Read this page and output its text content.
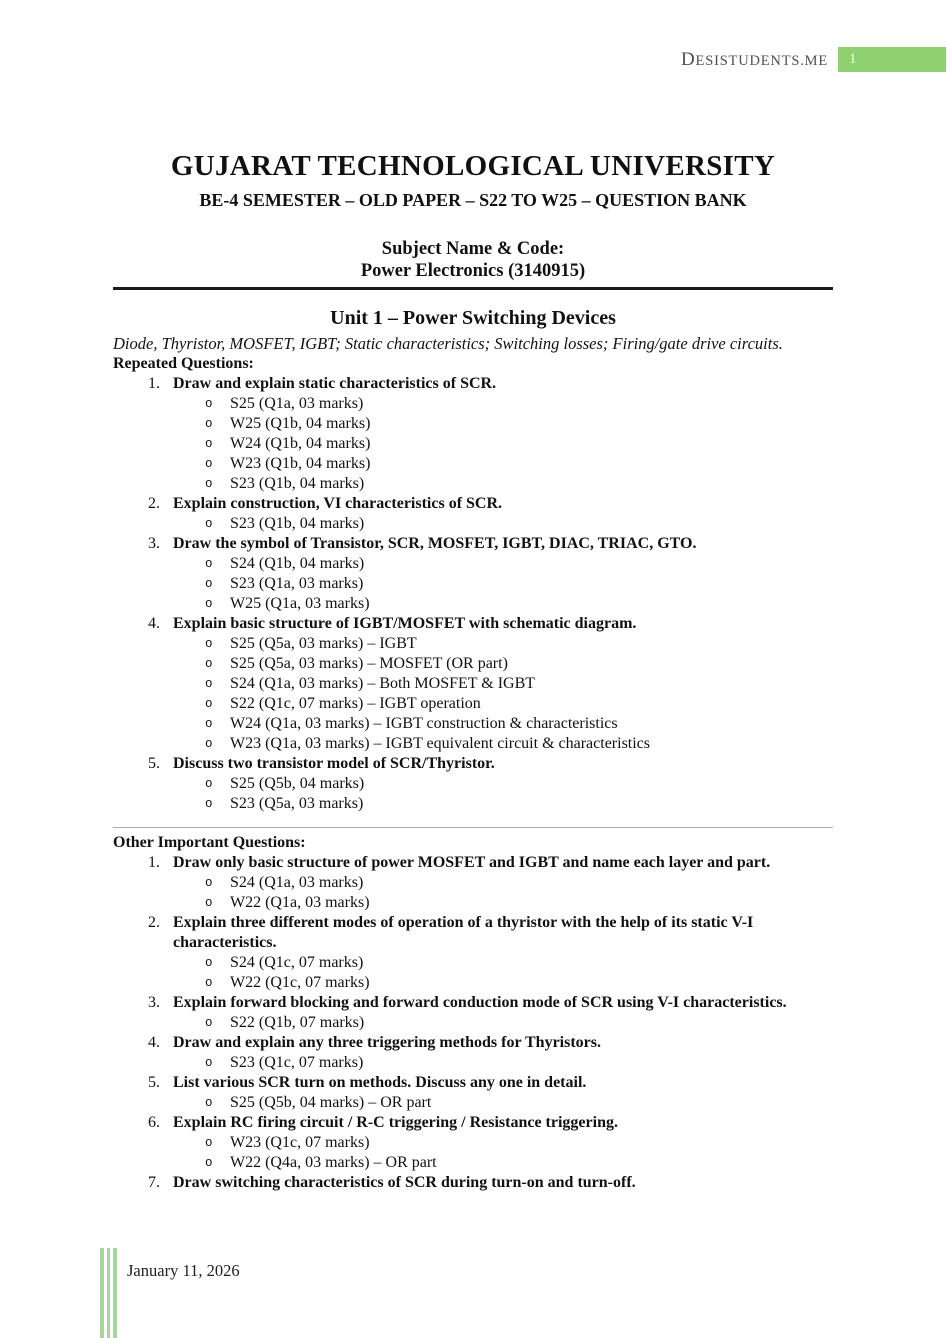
DESISTUDENTS.ME 1
GUJARAT TECHNOLOGICAL UNIVERSITY
BE-4 SEMESTER – OLD PAPER – S22 TO W25 – QUESTION BANK
Subject Name & Code:
Power Electronics (3140915)
Unit 1 – Power Switching Devices
Diode, Thyristor, MOSFET, IGBT; Static characteristics; Switching losses; Firing/gate drive circuits.
Repeated Questions:
1. Draw and explain static characteristics of SCR.
o S25 (Q1a, 03 marks)
o W25 (Q1b, 04 marks)
o W24 (Q1b, 04 marks)
o W23 (Q1b, 04 marks)
o S23 (Q1b, 04 marks)
2. Explain construction, VI characteristics of SCR.
o S23 (Q1b, 04 marks)
3. Draw the symbol of Transistor, SCR, MOSFET, IGBT, DIAC, TRIAC, GTO.
o S24 (Q1b, 04 marks)
o S23 (Q1a, 03 marks)
o W25 (Q1a, 03 marks)
4. Explain basic structure of IGBT/MOSFET with schematic diagram.
o S25 (Q5a, 03 marks) – IGBT
o S25 (Q5a, 03 marks) – MOSFET (OR part)
o S24 (Q1a, 03 marks) – Both MOSFET & IGBT
o S22 (Q1c, 07 marks) – IGBT operation
o W24 (Q1a, 03 marks) – IGBT construction & characteristics
o W23 (Q1a, 03 marks) – IGBT equivalent circuit & characteristics
5. Discuss two transistor model of SCR/Thyristor.
o S25 (Q5b, 04 marks)
o S23 (Q5a, 03 marks)
Other Important Questions:
1. Draw only basic structure of power MOSFET and IGBT and name each layer and part.
o S24 (Q1a, 03 marks)
o W22 (Q1a, 03 marks)
2. Explain three different modes of operation of a thyristor with the help of its static V-I characteristics.
o S24 (Q1c, 07 marks)
o W22 (Q1c, 07 marks)
3. Explain forward blocking and forward conduction mode of SCR using V-I characteristics.
o S22 (Q1b, 07 marks)
4. Draw and explain any three triggering methods for Thyristors.
o S23 (Q1c, 07 marks)
5. List various SCR turn on methods. Discuss any one in detail.
o S25 (Q5b, 04 marks) – OR part
6. Explain RC firing circuit / R-C triggering / Resistance triggering.
o W23 (Q1c, 07 marks)
o W22 (Q4a, 03 marks) – OR part
7. Draw switching characteristics of SCR during turn-on and turn-off.
January 11, 2026
